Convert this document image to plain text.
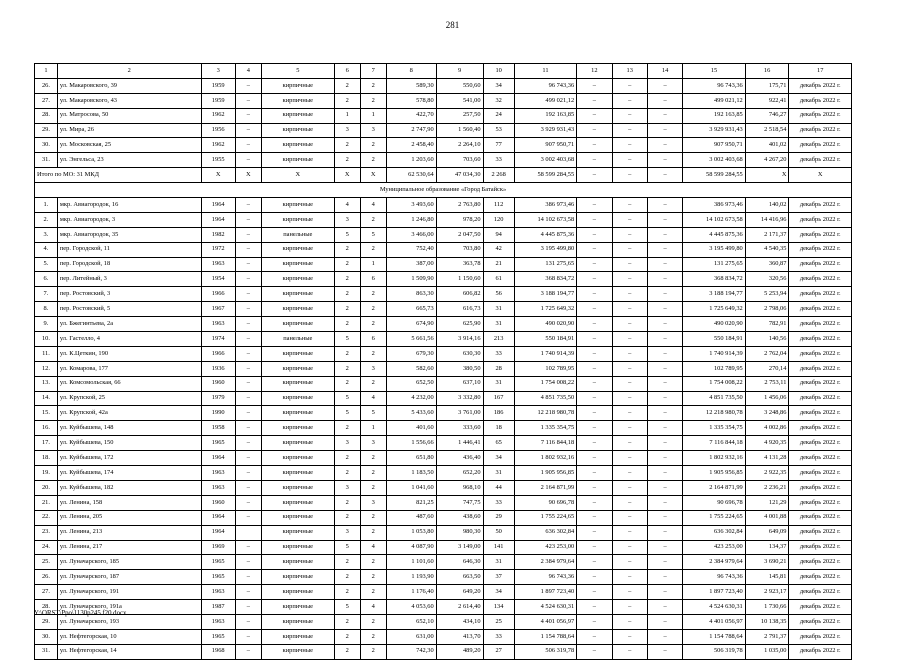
281
1	2	3	4	5	6	7	8	9	10	11	12	13	14	15	16	17
26.	ул. Макаровского, 39	1959	–	кирпичные	2	2	589,30	550,60	34	96 743,36	–	–	–	96 743,36	175,71	декабрь 2022 г.
27.	ул. Макаровского, 43	1959	–	кирпичные	2	2	578,80	541,00	32	499 021,12	–	–	–	499 021,12	922,41	декабрь 2022 г.
28.	ул. Матросова, 50	1962	–	кирпичные	1	1	422,70	257,50	24	192 163,85	–	–	–	192 163,85	746,27	декабрь 2022 г.
29.	ул. Мира, 26	1956	–	кирпичные	3	3	2 747,90	1 560,40	53	3 929 931,43	–	–	–	3 929 931,43	2 518,54	декабрь 2022 г.
30.	ул. Московская, 25	1962	–	кирпичные	2	2	2 458,40	2 264,10	77	907 950,71	–	–	–	907 950,71	401,02	декабрь 2022 г.
31.	ул. Энгельса, 23	1955	–	кирпичные	2	2	1 203,60	703,60	33	3 002 403,68	–	–	–	3 002 403,68	4 267,20	декабрь 2022 г.
Итого по МО: 31 МКД		X	X	X	X	X	62 530,64	47 034,30	2 268	58 599 284,55	–	–	–	58 599 284,55	X	X
Муниципальное образование «Город Батайск»																
1.	мкр. Авиагородок, 16	1964	–	кирпичные	4	4	3 493,60	2 763,80	112	386 973,46	–	–	–	386 973,46	140,02	декабрь 2022 г.
2.	мкр. Авиагородок, 3	1964	–	кирпичные	3	2	1 246,80	978,20	120	14 102 673,58	–	–	–	14 102 673,58	14 416,96	декабрь 2022 г.
3.	мкр. Авиагородок, 35	1982	–	панельные	5	5	3 466,00	2 047,50	94	4 445 875,36	–	–	–	4 445 875,36	2 171,37	декабрь 2022 г.
4.	пер. Городской, 11	1972	–	кирпичные	2	2	752,40	703,80	42	3 195 499,80	–	–	–	3 195 499,80	4 540,35	декабрь 2022 г.
5.	пер. Городской, 18	1963	–	кирпичные	2	1	387,00	363,78	21	131 275,65	–	–	–	131 275,65	360,87	декабрь 2022 г.
6.	пер. Литейный, 3	1954	–	кирпичные	2	6	1 509,90	1 150,60	61	368 834,72	–	–	–	368 834,72	320,56	декабрь 2022 г.
7.	пер. Ростовский, 3	1966	–	кирпичные	2	2	863,30	606,82	56	3 188 194,77	–	–	–	3 188 194,77	5 253,94	декабрь 2022 г.
8.	пер. Ростовский, 5	1967	–	кирпичные	2	2	665,73	616,73	31	1 725 649,32	–	–	–	1 725 649,32	2 798,06	декабрь 2022 г.
9.	ул. Бжегинтьева, 2а	1963	–	кирпичные	2	2	674,90	625,90	31	490 020,90	–	–	–	490 020,90	782,91	декабрь 2022 г.
10.	ул. Гастелло, 4	1974	–	панельные	5	6	5 661,56	3 914,16	213	550 184,91	–	–	–	550 184,91	140,56	декабрь 2022 г.
11.	ул. К.Цеткин, 190	1966	–	кирпичные	2	2	679,30	630,30	33	1 740 914,39	–	–	–	1 740 914,39	2 762,04	декабрь 2022 г.
12.	ул. Комарова, 177	1936	–	кирпичные	2	3	582,60	380,50	28	102 789,95	–	–	–	102 789,95	270,14	декабрь 2022 г.
13.	ул. Комсомольская, 66	1960	–	кирпичные	2	2	652,50	637,10	31	1 754 008,22	–	–	–	1 754 008,22	2 753,11	декабрь 2022 г.
14.	ул. Крупской, 25	1979	–	кирпичные	5	4	4 232,00	3 332,80	167	4 851 735,50	–	–	–	4 851 735,50	1 456,06	декабрь 2022 г.
15.	ул. Крупской, 42а	1990	–	кирпичные	5	5	5 433,60	3 761,00	186	12 218 980,78	–	–	–	12 218 980,78	3 248,86	декабрь 2022 г.
16.	ул. Куйбышева, 148	1958	–	кирпичные	2	1	401,60	333,60	18	1 335 354,75	–	–	–	1 335 354,75	4 002,86	декабрь 2022 г.
17.	ул. Куйбышева, 150	1965	–	кирпичные	3	3	1 556,66	1 446,41	65	7 116 844,18	–	–	–	7 116 844,18	4 920,35	декабрь 2022 г.
18.	ул. Куйбышева, 172	1964	–	кирпичные	2	2	651,80	436,40	34	1 802 932,16	–	–	–	1 802 932,16	4 131,28	декабрь 2022 г.
19.	ул. Куйбышева, 174	1963	–	кирпичные	2	2	1 183,50	652,20	31	1 905 956,85	–	–	–	1 905 956,85	2 922,35	декабрь 2022 г.
20.	ул. Куйбышева, 182	1963	–	кирпичные	3	2	1 041,60	968,10	44	2 164 871,99	–	–	–	2 164 871,99	2 236,21	декабрь 2022 г.
21.	ул. Ленина, 158	1960	–	кирпичные	2	3	821,25	747,75	33	90 696,78	–	–	–	90 696,78	121,29	декабрь 2022 г.
22.	ул. Ленина, 205	1964	–	кирпичные	2	2	487,60	438,60	29	1 755 224,65	–	–	–	1 755 224,65	4 001,88	декабрь 2022 г.
23.	ул. Ленина, 213	1964		кирпичные	3	2	1 053,80	980,30	50	636 302,84	–	–	–	636 302,84	649,09	декабрь 2022 г.
24.	ул. Ленина, 217	1969	–	кирпичные	5	4	4 087,90	3 149,00	141	423 253,00	–	–	–	423 253,00	134,37	декабрь 2022 г.
25.	ул. Луначарского, 185	1965	–	кирпичные	2	2	1 101,60	646,30	31	2 384 979,64	–	–	–	2 384 979,64	3 690,21	декабрь 2022 г.
26.	ул. Луначарского, 187	1965	–	кирпичные	2	2	1 193,90	663,50	37	96 743,36	–	–	–	96 743,36	145,81	декабрь 2022 г.
27.	ул. Луначарского, 191	1963	–	кирпичные	2	2	1 176,40	649,20	34	1 897 723,40	–	–	–	1 897 723,40	2 923,17	декабрь 2022 г.
28.	ул. Луначарского, 191а	1987	–	кирпичные	5	4	4 053,60	2 614,40	134	4 524 630,31	–	–	–	4 524 630,31	1 730,66	декабрь 2022 г.
29.	ул. Луначарского, 193	1963	–	кирпичные	2	2	652,10	434,10	25	4 401 056,97	–	–	–	4 401 056,97	10 138,35	декабрь 2022 г.
30.	ул. Нефтегорская, 10	1965	–	кирпичные	2	2	631,00	413,70	33	1 154 788,64	–	–	–	1 154 788,64	2 791,37	декабрь 2022 г.
31.	ул. Нефтегорская, 14	1968	–	кирпичные	2	2	742,30	489,20	27	506 319,78	–	–	–	506 319,78	1 035,00	декабрь 2022 г.
Y:\ORST\Ppo\1130p245 f20.docx
